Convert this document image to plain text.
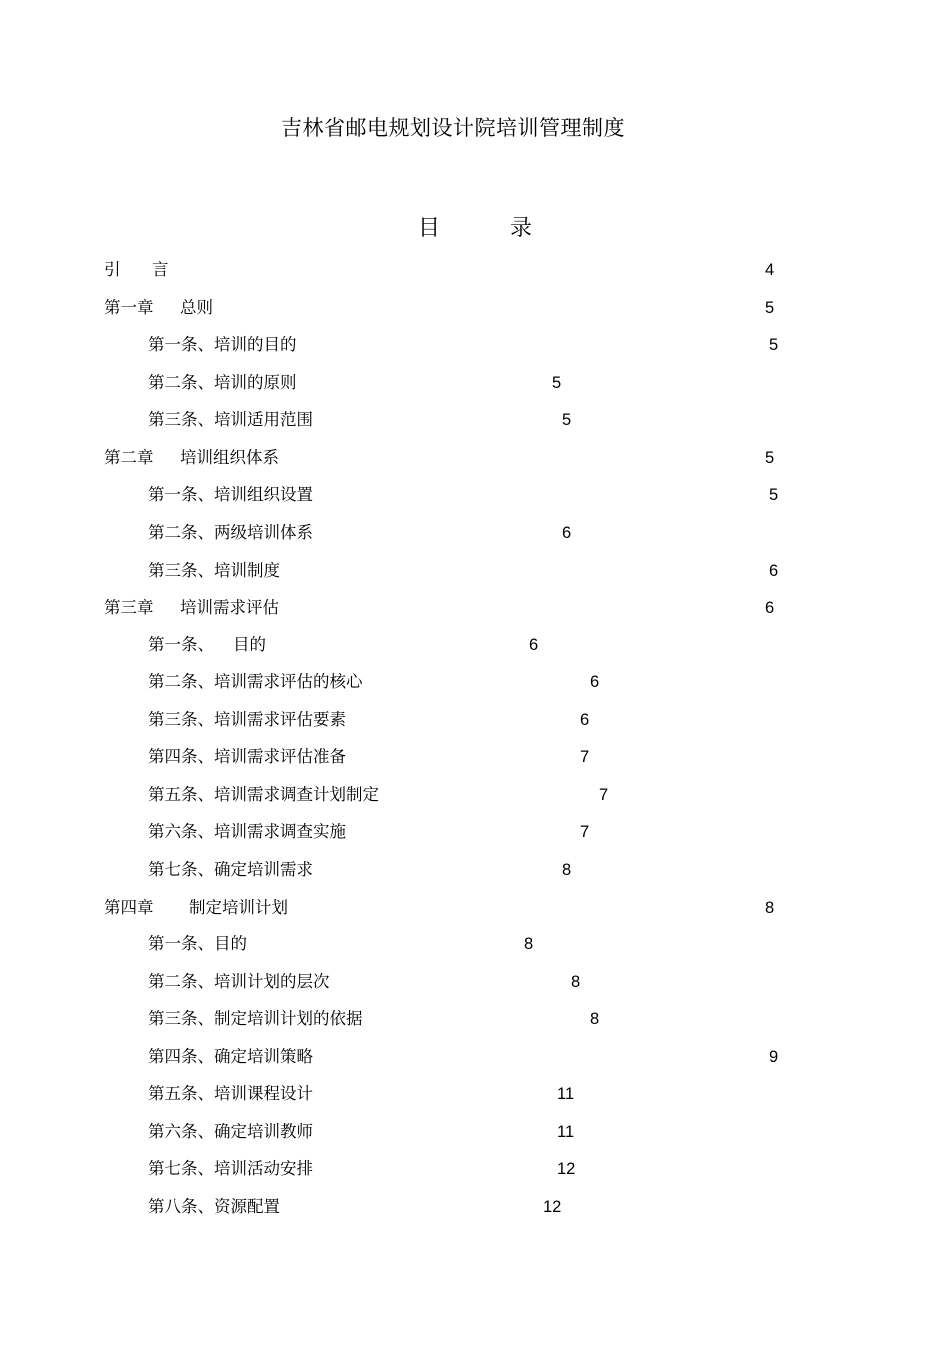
吉林省邮电规划设计院培训管理制度
目	录
引 言	4
第一章 总则	5
第一条、培训的目的	5
第二条、培训的原则	5
第三条、培训适用范围	5
第二章 培训组织体系	5
第一条、培训组织设置	5
第二条、两级培训体系	6
第三条、培训制度	6
第三章 培训需求评估	6
第一条、 目的	6
第二条、培训需求评估的核心	6
第三条、培训需求评估要素	6
第四条、培训需求评估准备	7
第五条、培训需求调查计划制定	7
第六条、培训需求调查实施	7
第七条、确定培训需求	8
第四章 制定培训计划	8
第一条、目的	8
第二条、培训计划的层次	8
第三条、制定培训计划的依据	8
第四条、确定培训策略	9
第五条、培训课程设计	11
第六条、确定培训教师	11
第七条、培训活动安排	12
第八条、资源配置	12
